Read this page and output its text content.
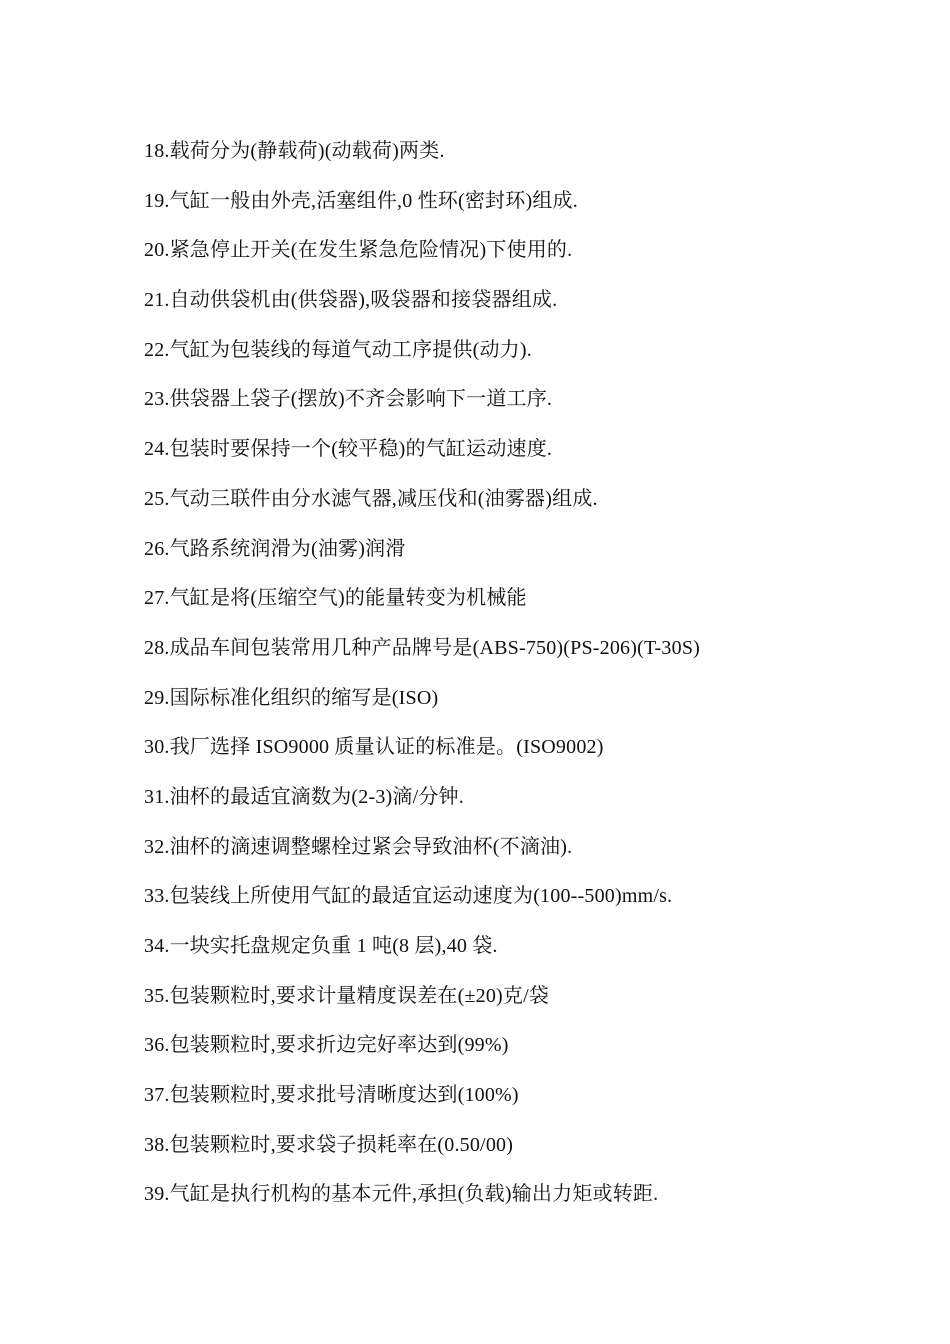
18.载荷分为(静载荷)(动载荷)两类.
19.气缸一般由外壳,活塞组件,0 性环(密封环)组成.
20.紧急停止开关(在发生紧急危险情况)下使用的.
21.自动供袋机由(供袋器),吸袋器和接袋器组成.
22.气缸为包装线的每道气动工序提供(动力).
23.供袋器上袋子(摆放)不齐会影响下一道工序.
24.包装时要保持一个(较平稳)的气缸运动速度.
25.气动三联件由分水滤气器,减压伐和(油雾器)组成.
26.气路系统润滑为(油雾)润滑
27.气缸是将(压缩空气)的能量转变为机械能
28.成品车间包装常用几种产品牌号是(ABS-750)(PS-206)(T-30S)
29.国际标准化组织的缩写是(ISO)
30.我厂选择 ISO9000 质量认证的标准是。(ISO9002)
31.油杯的最适宜滴数为(2-3)滴/分钟.
32.油杯的滴速调整螺栓过紧会导致油杯(不滴油).
33.包装线上所使用气缸的最适宜运动速度为(100--500)mm/s.
34.一块实托盘规定负重 1 吨(8 层),40 袋.
35.包装颗粒时,要求计量精度误差在(±20)克/袋
36.包装颗粒时,要求折边完好率达到(99%)
37.包装颗粒时,要求批号清晰度达到(100%)
38.包装颗粒时,要求袋子损耗率在(0.50/00)
39.气缸是执行机构的基本元件,承担(负载)输出力矩或转距.
